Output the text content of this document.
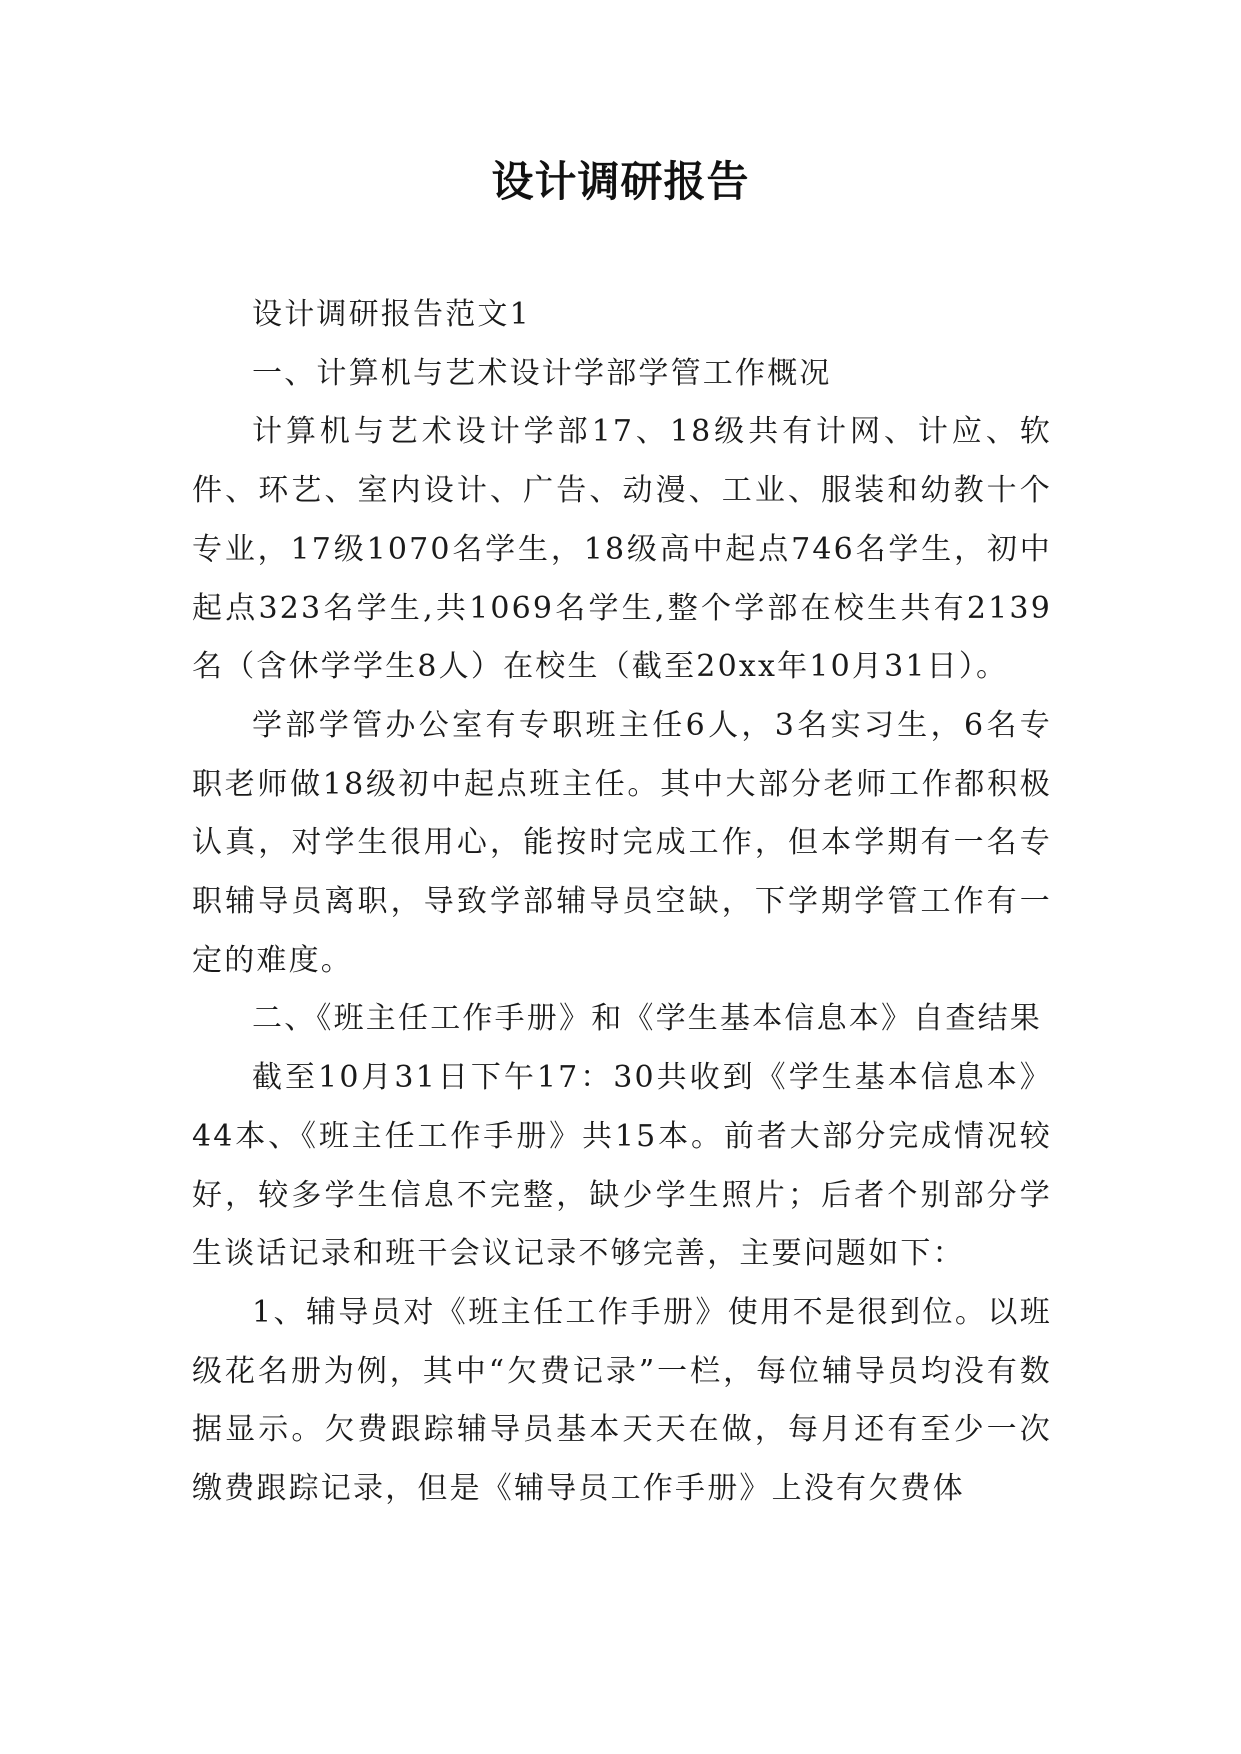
设计调研报告

设计调研报告范文1

一、计算机与艺术设计学部学管工作概况

计算机与艺术设计学部17、18级共有计网、计应、软件、环艺、室内设计、广告、动漫、工业、服装和幼教十个专业，17级1070名学生，18级高中起点746名学生，初中起点323名学生,共1069名学生,整个学部在校生共有2139名（含休学学生8人）在校生（截至20xx年10月31日）。

学部学管办公室有专职班主任6人，3名实习生，6名专职老师做18级初中起点班主任。其中大部分老师工作都积极认真，对学生很用心，能按时完成工作，但本学期有一名专职辅导员离职，导致学部辅导员空缺，下学期学管工作有一定的难度。

二、《班主任工作手册》和《学生基本信息本》自查结果

截至10月31日下午17：30共收到《学生基本信息本》44本、《班主任工作手册》共15本。前者大部分完成情况较好，较多学生信息不完整，缺少学生照片；后者个别部分学生谈话记录和班干会议记录不够完善，主要问题如下：

1、辅导员对《班主任工作手册》使用不是很到位。以班级花名册为例，其中“欠费记录”一栏，每位辅导员均没有数据显示。欠费跟踪辅导员基本天天在做，每月还有至少一次缴费跟踪记录，但是《辅导员工作手册》上没有欠费体
